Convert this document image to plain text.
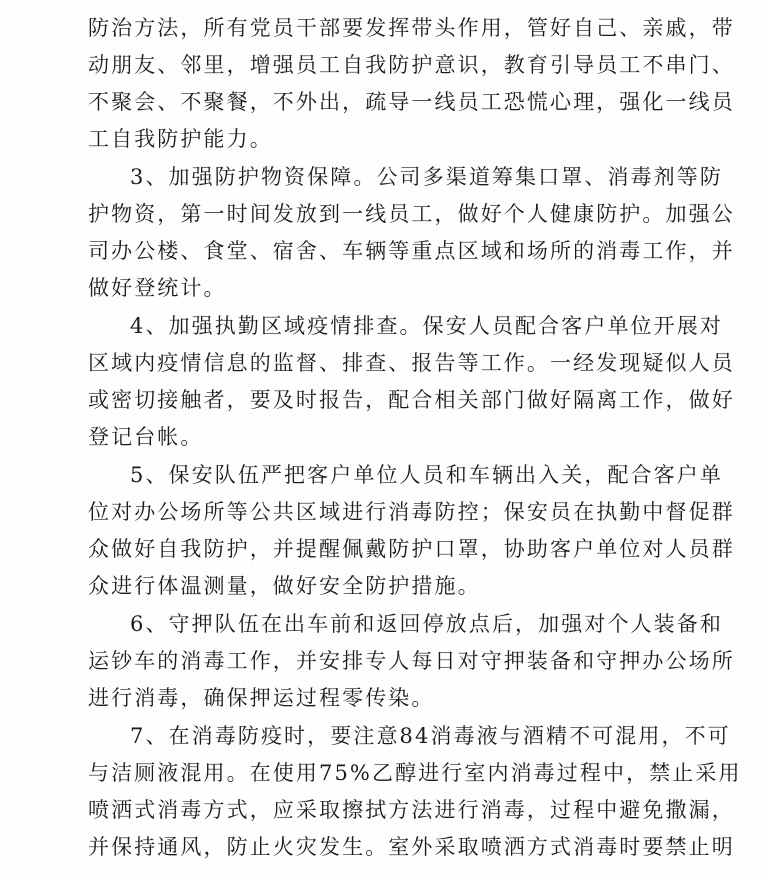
防治方法，所有党员干部要发挥带头作用，管好自己、亲戚，带
动朋友、邻里，增强员工自我防护意识，教育引导员工不串门、
不聚会、不聚餐，不外出，疏导一线员工恐慌心理，强化一线员
工自我防护能力。
3、加强防护物资保障。公司多渠道筹集口罩、消毒剂等防
护物资，第一时间发放到一线员工，做好个人健康防护。加强公
司办公楼、食堂、宿舍、车辆等重点区域和场所的消毒工作，并
做好登统计。
4、加强执勤区域疫情排查。保安人员配合客户单位开展对
区域内疫情信息的监督、排查、报告等工作。一经发现疑似人员
或密切接触者，要及时报告，配合相关部门做好隔离工作，做好
登记台帐。
5、保安队伍严把客户单位人员和车辆出入关，配合客户单
位对办公场所等公共区域进行消毒防控；保安员在执勤中督促群
众做好自我防护，并提醒佩戴防护口罩，协助客户单位对人员群
众进行体温测量，做好安全防护措施。
6、守押队伍在出车前和返回停放点后，加强对个人装备和
运钞车的消毒工作，并安排专人每日对守押装备和守押办公场所
进行消毒，确保押运过程零传染。
7、在消毒防疫时，要注意84消毒液与酒精不可混用，不可
与洁厕液混用。在使用75%乙醇进行室内消毒过程中，禁止采用
喷洒式消毒方式，应采取擦拭方法进行消毒，过程中避免撒漏，
并保持通风，防止火灾发生。室外采取喷洒方式消毒时要禁止明
